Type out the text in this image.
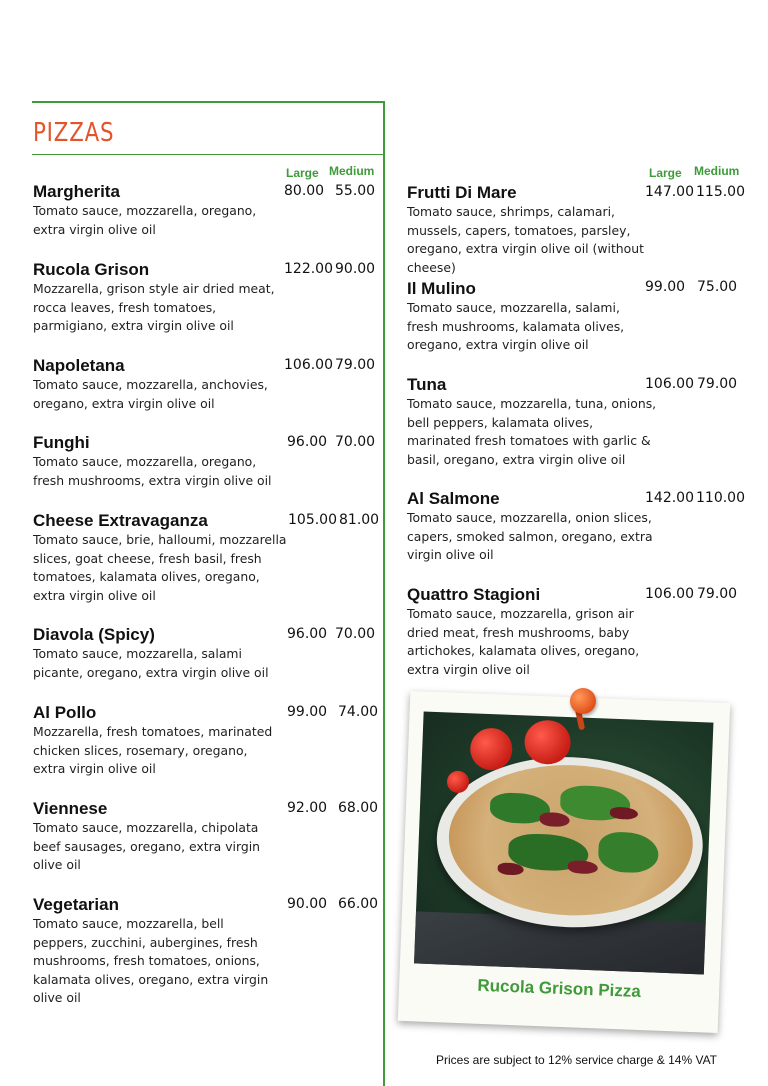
PIZZAS
Large Medium	Large Medium
Margherita
Tomato sauce, mozzarella, oregano, extra virgin olive oil
80.00 55.00
Rucola Grison
Mozzarella, grison style air dried meat, rocca leaves, fresh tomatoes, parmigiano, extra virgin olive oil
122.00 90.00
Napoletana
Tomato sauce, mozzarella, anchovies, oregano, extra virgin olive oil
106.00 79.00
Funghi
Tomato sauce, mozzarella, oregano, fresh mushrooms, extra virgin olive oil
96.00 70.00
Cheese Extravaganza
Tomato sauce, brie, halloumi, mozzarella slices, goat cheese, fresh basil, fresh tomatoes, kalamata olives, oregano, extra virgin olive oil
105.00 81.00
Diavola (Spicy)
Tomato sauce, mozzarella, salami picante, oregano, extra virgin olive oil
96.00 70.00
Al Pollo
Mozzarella, fresh tomatoes, marinated chicken slices, rosemary, oregano, extra virgin olive oil
99.00 74.00
Viennese
Tomato sauce, mozzarella, chipolata beef sausages, oregano, extra virgin olive oil
92.00 68.00
Vegetarian
Tomato sauce, mozzarella, bell peppers, zucchini, aubergines, fresh mushrooms, fresh tomatoes, onions, kalamata olives, oregano, extra virgin olive oil
90.00 66.00
Frutti Di Mare
Tomato sauce, shrimps, calamari, mussels, capers, tomatoes, parsley, oregano, extra virgin olive oil (without cheese)
147.00 115.00
Il Mulino
Tomato sauce, mozzarella, salami, fresh mushrooms, kalamata olives, oregano, extra virgin olive oil
99.00 75.00
Tuna
Tomato sauce, mozzarella, tuna, onions, bell peppers, kalamata olives, marinated fresh tomatoes with garlic & basil, oregano, extra virgin olive oil
106.00 79.00
Al Salmone
Tomato sauce, mozzarella, onion slices, capers, smoked salmon, oregano, extra virgin olive oil
142.00 110.00
Quattro Stagioni
Tomato sauce, mozzarella, grison air dried meat, fresh mushrooms, baby artichokes, kalamata olives, oregano, extra virgin olive oil
106.00 79.00
Rucola Grison Pizza
Prices are subject to 12% service charge & 14% VAT
